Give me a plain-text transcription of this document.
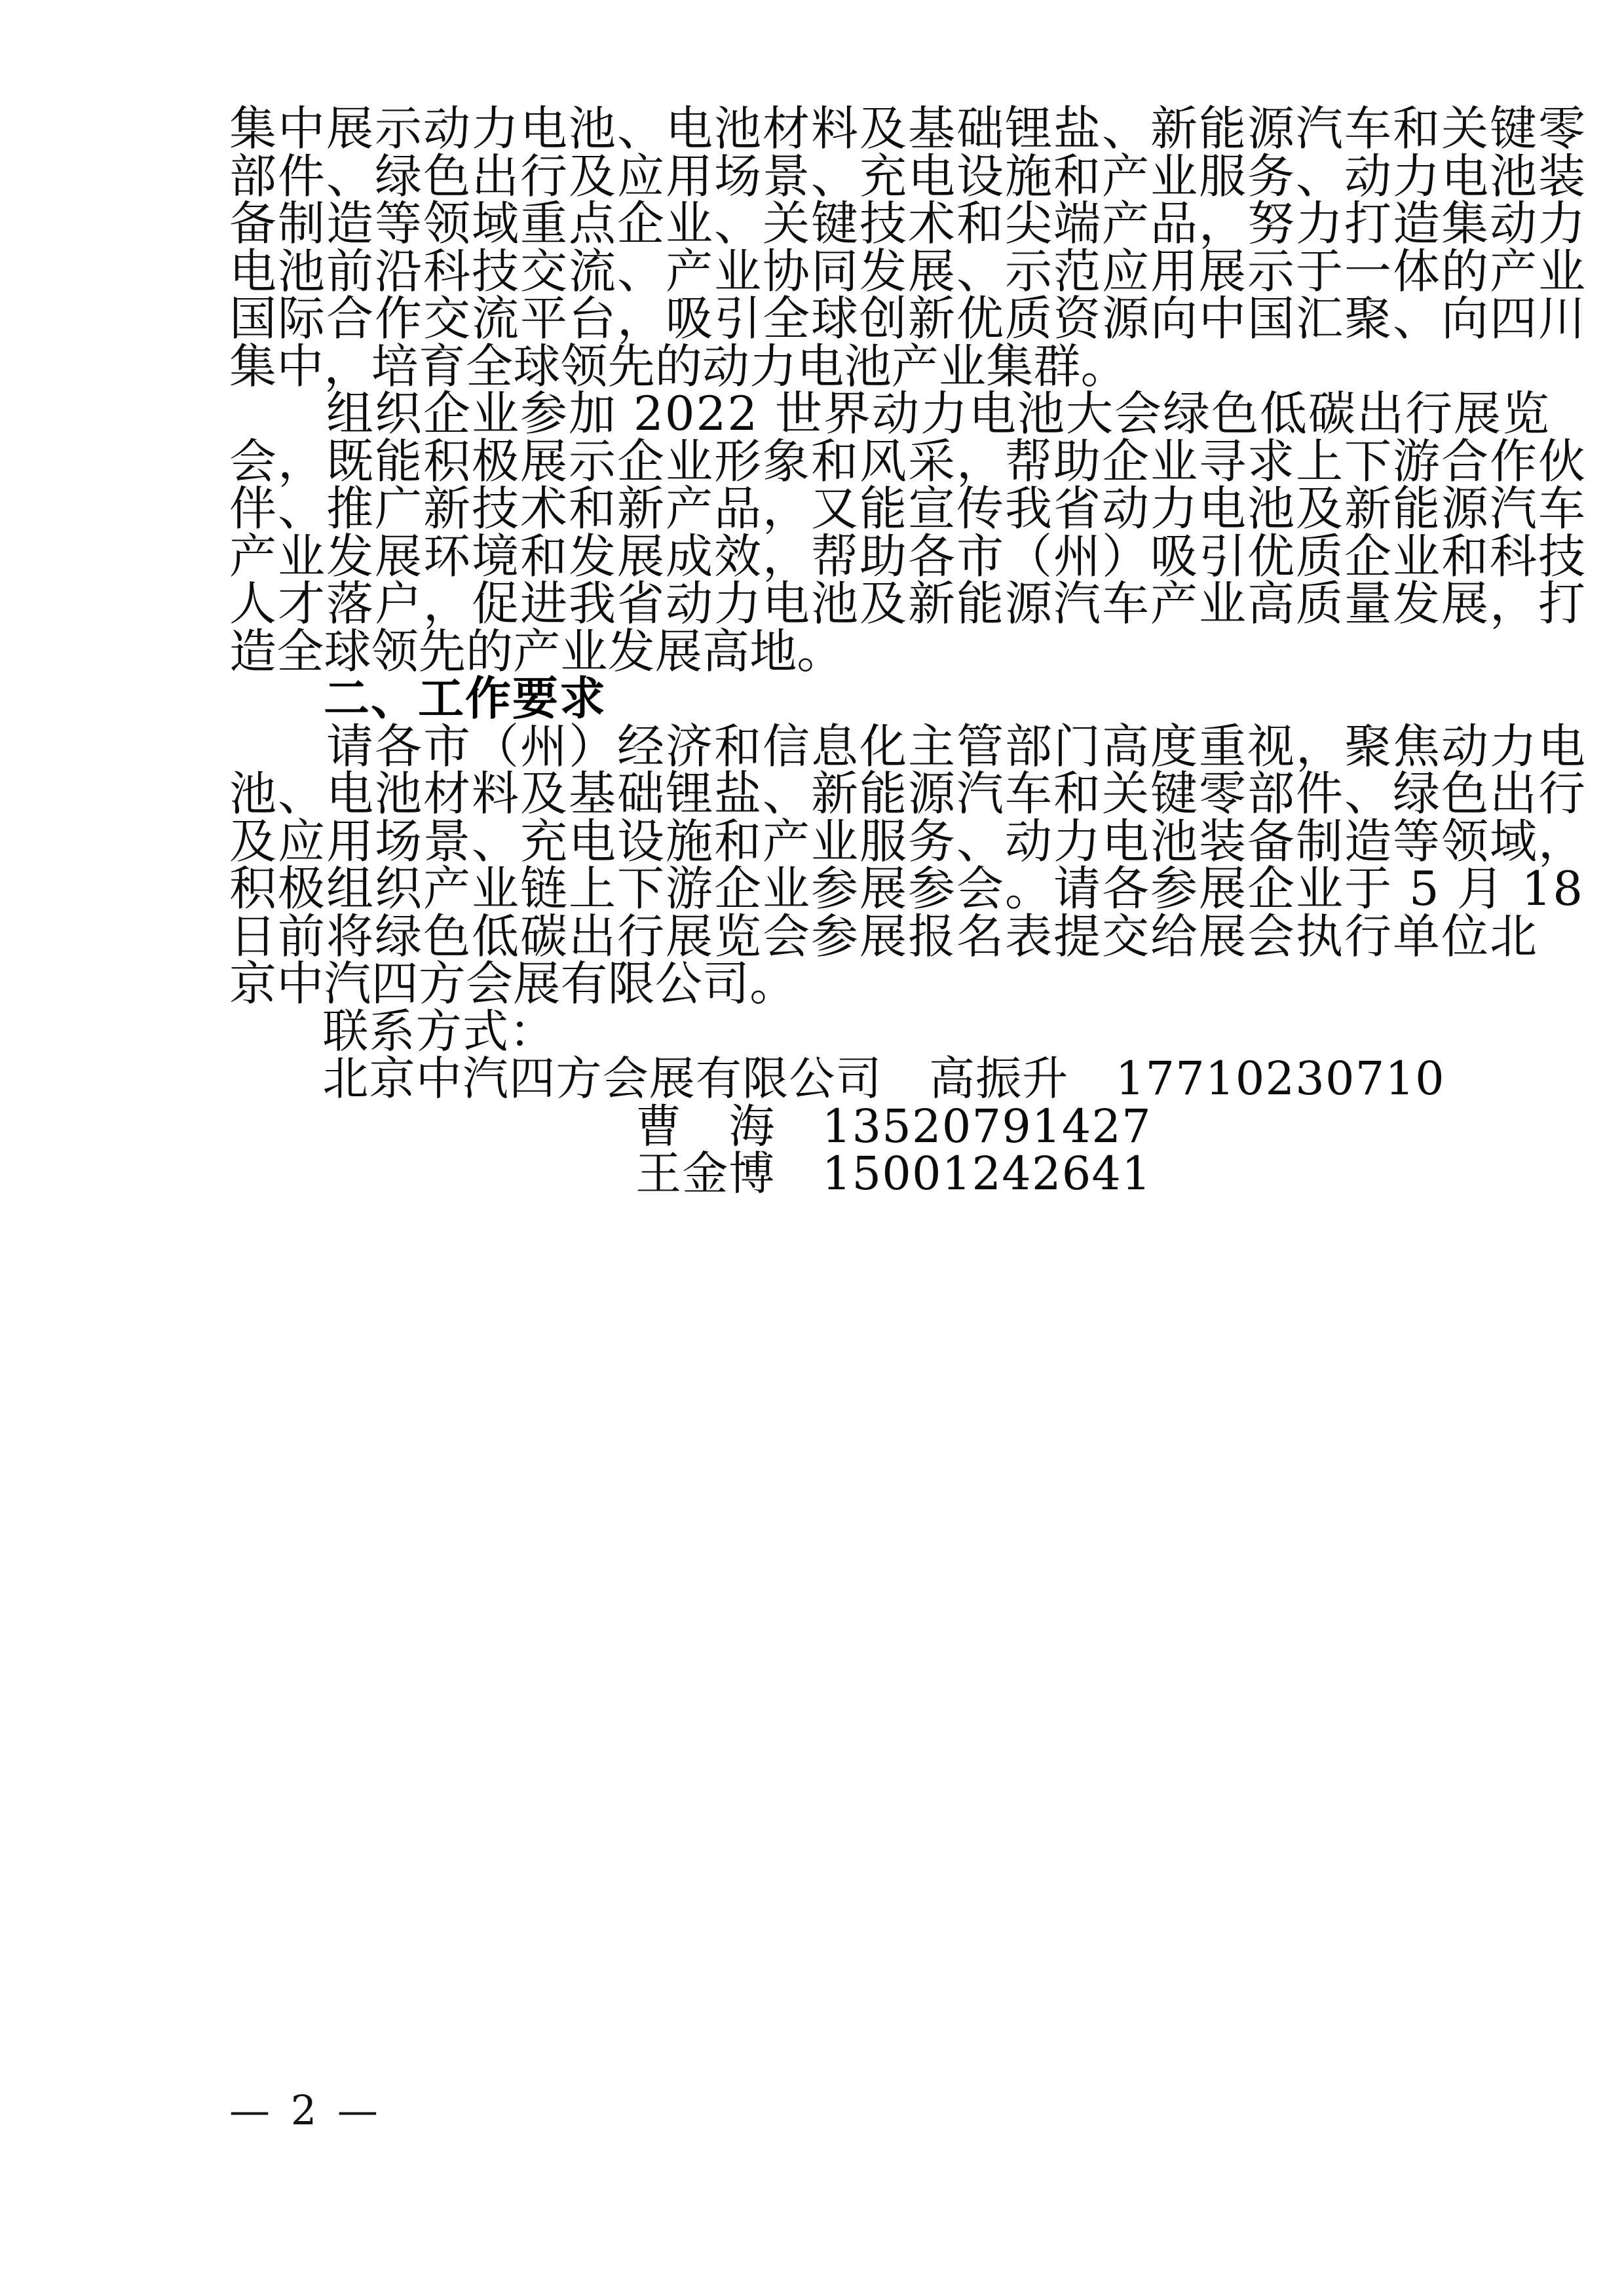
集中展示动力电池、电池材料及基础锂盐、新能源汽车和关键零
部件、绿色出行及应用场景、充电设施和产业服务、动力电池装
备制造等领域重点企业、关键技术和尖端产品，努力打造集动力
电池前沿科技交流、产业协同发展、示范应用展示于一体的产业
国际合作交流平台，吸引全球创新优质资源向中国汇聚、向四川
集中，培育全球领先的动力电池产业集群。
　　组织企业参加 2022 世界动力电池大会绿色低碳出行展览
会，既能积极展示企业形象和风采，帮助企业寻求上下游合作伙
伴、推广新技术和新产品，又能宣传我省动力电池及新能源汽车
产业发展环境和发展成效，帮助各市（州）吸引优质企业和科技
人才落户，促进我省动力电池及新能源汽车产业高质量发展，打
造全球领先的产业发展高地。
　　二、工作要求
　　请各市（州）经济和信息化主管部门高度重视，聚焦动力电
池、电池材料及基础锂盐、新能源汽车和关键零部件、绿色出行
及应用场景、充电设施和产业服务、动力电池装备制造等领域，
积极组织产业链上下游企业参展参会。请各参展企业于 5 月 18
日前将绿色低碳出行展览会参展报名表提交给展会执行单位北
京中汽四方会展有限公司。
　　联系方式：
　　北京中汽四方会展有限公司　高振升　17710230710
曹　海　13520791427
王金博　15001242641
— 2 —
